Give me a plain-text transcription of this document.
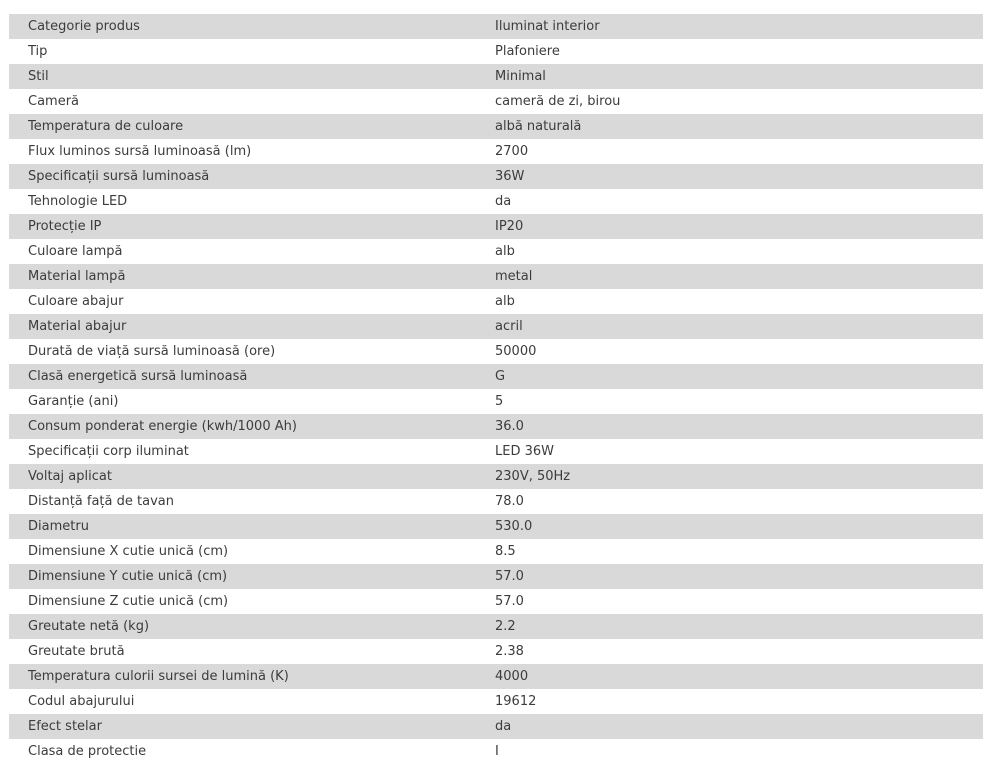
Categorie produs	Iluminat interior
Tip	Plafoniere
Stil	Minimal
Cameră	cameră de zi, birou
Temperatura de culoare	albă naturală
Flux luminos sursă luminoasă (lm)	2700
Specificații sursă luminoasă	36W
Tehnologie LED	da
Protecție IP	IP20
Culoare lampă	alb
Material lampă	metal
Culoare abajur	alb
Material abajur	acril
Durată de viață sursă luminoasă (ore)	50000
Clasă energetică sursă luminoasă	G
Garanție (ani)	5
Consum ponderat energie (kwh/1000 Ah)	36.0
Specificații corp iluminat	LED 36W
Voltaj aplicat	230V, 50Hz
Distanță față de tavan	78.0
Diametru	530.0
Dimensiune X cutie unică (cm)	8.5
Dimensiune Y cutie unică (cm)	57.0
Dimensiune Z cutie unică (cm)	57.0
Greutate netă (kg)	2.2
Greutate brută	2.38
Temperatura culorii sursei de lumină (K)	4000
Codul abajurului	19612
Efect stelar	da
Clasa de protectie	I
